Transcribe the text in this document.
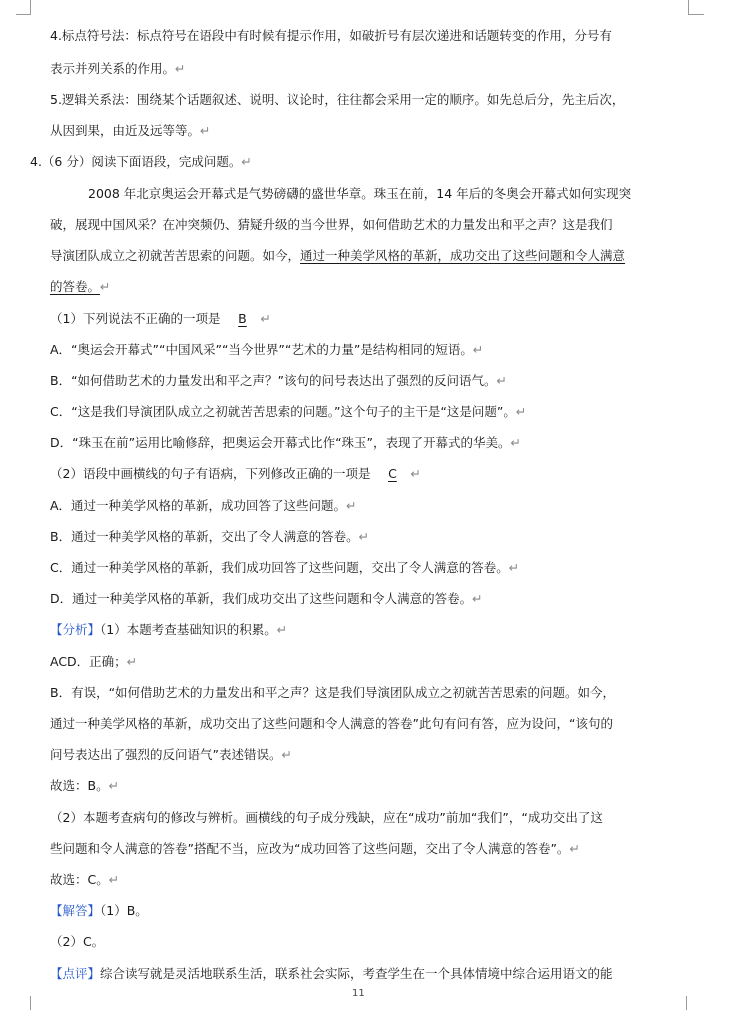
4.标点符号法：标点符号在语段中有时候有提示作用，如破折号有层次递进和话题转变的作用，分号有
表示并列关系的作用。↵
5.逻辑关系法：围绕某个话题叙述、说明、议论时，往往都会采用一定的顺序。如先总后分，先主后次，
从因到果，由近及远等等。↵
4.（6 分）阅读下面语段，完成问题。↵
2008 年北京奥运会开幕式是气势磅礴的盛世华章。珠玉在前，14 年后的冬奥会开幕式如何实现突
破，展现中国风采？在冲突频仍、猜疑升级的当今世界，如何借助艺术的力量发出和平之声？这是我们
导演团队成立之初就苦苦思索的问题。如今，通过一种美学风格的革新，成功交出了这些问题和令人满意
的答卷。↵
（1）下列说法不正确的一项是 B ↵
A．“奥运会开幕式”“中国风采”“当今世界”“艺术的力量”是结构相同的短语。↵
B．“如何借助艺术的力量发出和平之声？”该句的问号表达出了强烈的反问语气。↵
C．“这是我们导演团队成立之初就苦苦思索的问题。”这个句子的主干是“这是问题”。↵
D．“珠玉在前”运用比喻修辞，把奥运会开幕式比作“珠玉”，表现了开幕式的华美。↵
（2）语段中画横线的句子有语病，下列修改正确的一项是 C ↵
A．通过一种美学风格的革新，成功回答了这些问题。↵
B．通过一种美学风格的革新，交出了令人满意的答卷。↵
C．通过一种美学风格的革新，我们成功回答了这些问题，交出了令人满意的答卷。↵
D．通过一种美学风格的革新，我们成功交出了这些问题和令人满意的答卷。↵
【分析】（1）本题考查基础知识的积累。↵
ACD．正确；↵
B．有误，“如何借助艺术的力量发出和平之声？这是我们导演团队成立之初就苦苦思索的问题。如今，
通过一种美学风格的革新，成功交出了这些问题和令人满意的答卷”此句有问有答，应为设问，“该句的
问号表达出了强烈的反问语气”表述错误。↵
故选：B。↵
（2）本题考查病句的修改与辨析。画横线的句子成分残缺，应在“成功”前加“我们”，“成功交出了这
些问题和令人满意的答卷”搭配不当，应改为“成功回答了这些问题，交出了令人满意的答卷”。↵
故选：C。↵
【解答】（1）B。
（2）C。
【点评】综合读写就是灵活地联系生活，联系社会实际，考查学生在一个具体情境中综合运用语文的能
11
